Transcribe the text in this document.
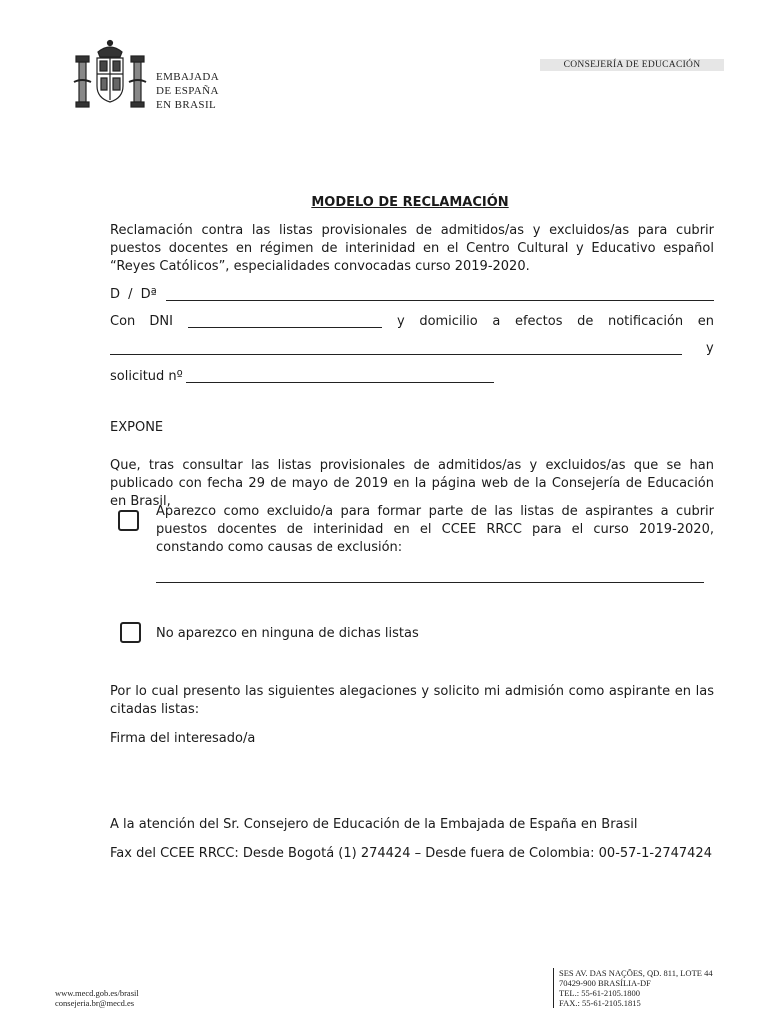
EMBAJADA
DE ESPAÑA
EN BRASIL
CONSEJERÍA DE EDUCACIÓN
MODELO DE RECLAMACIÓN
Reclamación contra las listas provisionales de admitidos/as y excluidos/as para cubrir puestos docentes en régimen de interinidad en el Centro Cultural y Educativo español “Reyes Católicos”, especialidades convocadas curso 2019-2020.
D / Dª
Con DNI	y domicilio a efectos de notificación en
y
solicitud nº
EXPONE
Que, tras consultar las listas provisionales de admitidos/as y excluidos/as que se han publicado con fecha 29 de mayo de 2019 en la página web de la Consejería de Educación en Brasil,
Aparezco como excluido/a para formar parte de las listas de aspirantes a cubrir puestos docentes de interinidad en el CCEE RRCC para el curso 2019-2020, constando como causas de exclusión:
No aparezco en ninguna de dichas listas
Por lo cual presento las siguientes alegaciones y solicito mi admisión como aspirante en las citadas listas:
Firma del interesado/a
A la atención del Sr. Consejero de Educación de la Embajada de España en Brasil
Fax del CCEE RRCC: Desde Bogotá (1) 274424 – Desde fuera de Colombia: 00-57-1-2747424
www.mecd.gob.es/brasil
consejeria.br@mecd.es
SES AV. DAS NAÇÕES, QD. 811, LOTE 44
70429-900 BRASÍLIA-DF
TEL.: 55-61-2105.1800
FAX.: 55-61-2105.1815
